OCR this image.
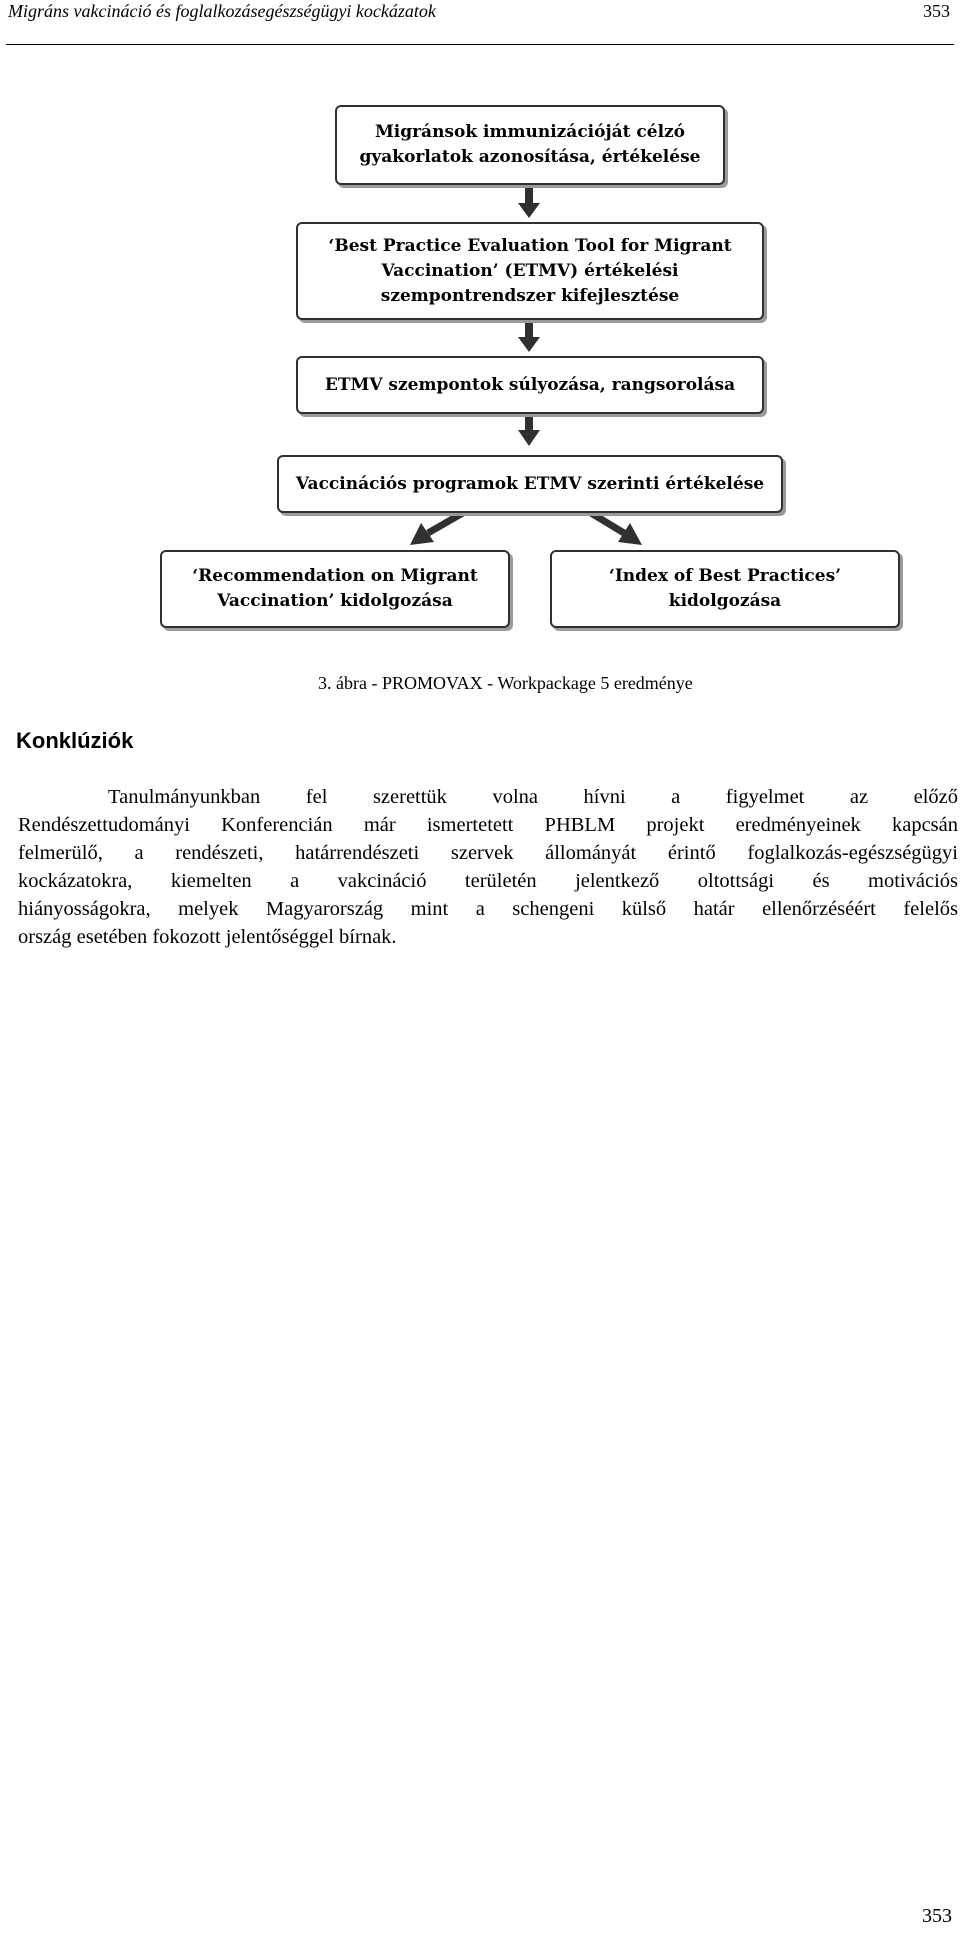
Migráns vakcináció és foglalkozásegészségügyi kockázatok	353
Migránsok immunizációját célzó
gyakorlatok azonosítása, értékelése
‘Best Practice Evaluation Tool for Migrant
Vaccination’ (ETMV) értékelési
szempontrendszer kifejlesztése
ETMV szempontok súlyozása, rangsorolása
Vaccinációs programok ETMV szerinti értékelése
‘Recommendation on Migrant
Vaccination’ kidolgozása
‘Index of Best Practices’
kidolgozása
3. ábra - PROMOVAX - Workpackage 5 eredménye
Konklúziók
Tanulmányunkban fel szerettük volna hívni a figyelmet az előző
Rendészettudományi Konferencián már ismertetett PHBLM projekt eredményeinek kapcsán
felmerülő, a rendészeti, határrendészeti szervek állományát érintő foglalkozás-egészségügyi
kockázatokra, kiemelten a vakcináció területén jelentkező oltottsági és motivációs
hiányosságokra, melyek Magyarország mint a schengeni külső határ ellenőrzéséért felelős
ország esetében fokozott jelentőséggel bírnak.
353
